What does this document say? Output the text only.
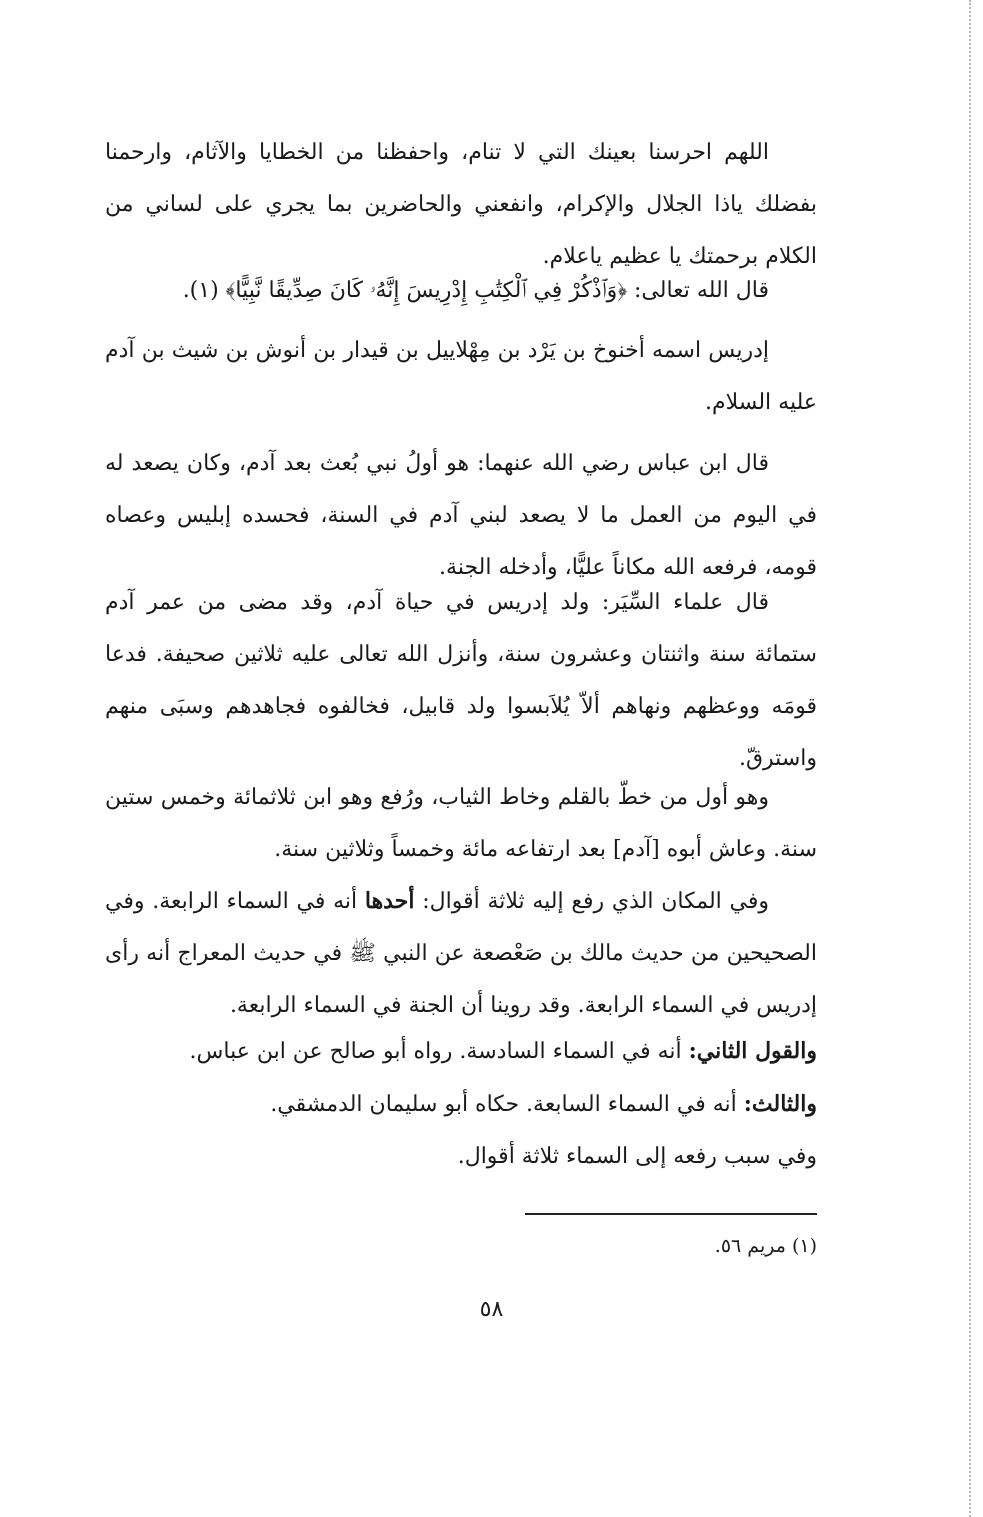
اللهم احرسنا بعينك التي لا تنام، واحفظنا من الخطايا والآثام، وارحمنا بفضلك ياذا الجلال والإكرام، وانفعني والحاضرين بما يجري على لساني من الكلام برحمتك يا عظيم ياعلام.

قال الله تعالى: ﴿وَٱذْكُرْ فِي ٱلْكِتَٰبِ إِدْرِيسَ إِنَّهُۥ كَانَ صِدِّيقًا نَّبِيًّا﴾ (١).

إدريس اسمه أخنوخ بن يَرْد بن مِهْلاييل بن قيدار بن أنوش بن شيث بن آدم عليه السلام.

قال ابن عباس رضي الله عنهما: هو أولُ نبي بُعث بعد آدم، وكان يصعد له في اليوم من العمل ما لا يصعد لبني آدم في السنة، فحسده إبليس وعصاه قومه، فرفعه الله مكاناً عليًّا، وأدخله الجنة.

قال علماء السِّيَر: ولد إدريس في حياة آدم، وقد مضى من عمر آدم ستمائة سنة واثنتان وعشرون سنة، وأنزل الله تعالى عليه ثلاثين صحيفة. فدعا قومَه ووعظهم ونهاهم ألاّ يُلاَبسوا ولد قابيل، فخالفوه فجاهدهم وسبَى منهم واسترقّ.

وهو أول من خطّ بالقلم وخاط الثياب، ورُفع وهو ابن ثلاثمائة وخمس ستين سنة. وعاش أبوه [آدم] بعد ارتفاعه مائة وخمساً وثلاثين سنة.

وفي المكان الذي رفع إليه ثلاثة أقوال: أحدها أنه في السماء الرابعة. وفي الصحيحين من حديث مالك بن صَعْصعة عن النبي ﷺ في حديث المعراج أنه رأى إدريس في السماء الرابعة. وقد روينا أن الجنة في السماء الرابعة.

والقول الثاني: أنه في السماء السادسة. رواه أبو صالح عن ابن عباس.

والثالث: أنه في السماء السابعة. حكاه أبو سليمان الدمشقي.

وفي سبب رفعه إلى السماء ثلاثة أقوال.

(١) مريم ٥٦.
٥٨
